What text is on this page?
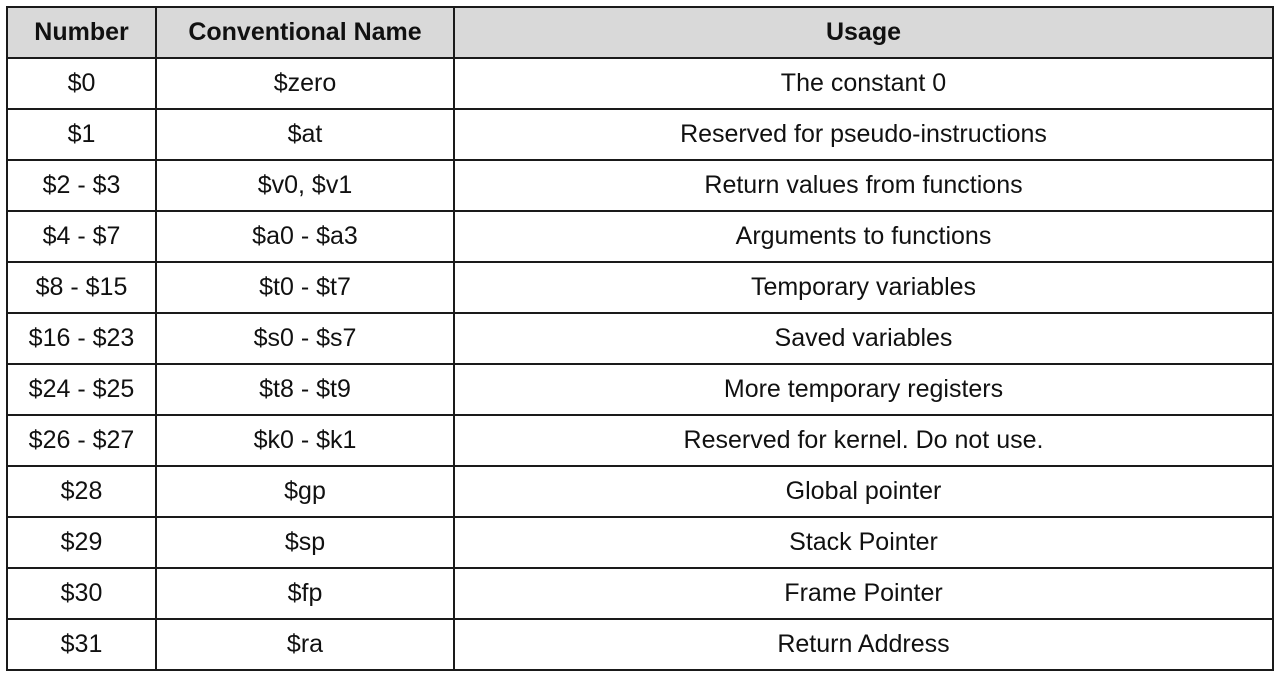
Number	Conventional Name	Usage
$0	$zero	The constant 0
$1	$at	Reserved for pseudo-instructions
$2 - $3	$v0, $v1	Return values from functions
$4 - $7	$a0 - $a3	Arguments to functions
$8 - $15	$t0 - $t7	Temporary variables
$16 - $23	$s0 - $s7	Saved variables
$24 - $25	$t8 - $t9	More temporary registers
$26 - $27	$k0 - $k1	Reserved for kernel. Do not use.
$28	$gp	Global pointer
$29	$sp	Stack Pointer
$30	$fp	Frame Pointer
$31	$ra	Return Address
